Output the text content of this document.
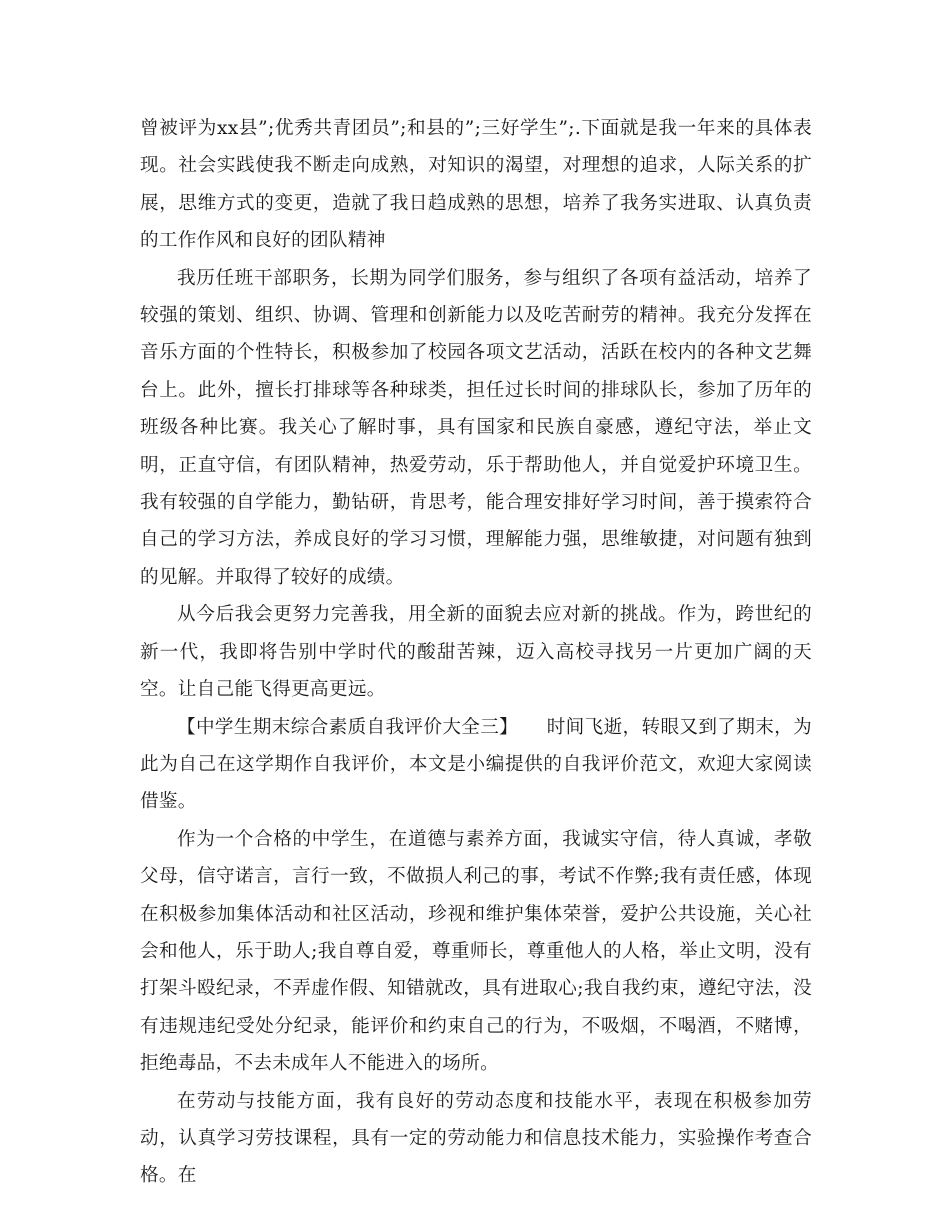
曾被评为xx县”;优秀共青团员”;和县的”;三好学生”;.下面就是我一年来的具体表现。社会实践使我不断走向成熟，对知识的渴望，对理想的追求，人际关系的扩展，思维方式的变更，造就了我日趋成熟的思想，培养了我务实进取、认真负责的工作作风和良好的团队精神

我历任班干部职务，长期为同学们服务，参与组织了各项有益活动，培养了较强的策划、组织、协调、管理和创新能力以及吃苦耐劳的精神。我充分发挥在音乐方面的个性特长，积极参加了校园各项文艺活动，活跃在校内的各种文艺舞台上。此外，擅长打排球等各种球类，担任过长时间的排球队长，参加了历年的班级各种比赛。我关心了解时事，具有国家和民族自豪感，遵纪守法，举止文明，正直守信，有团队精神，热爱劳动，乐于帮助他人，并自觉爱护环境卫生。我有较强的自学能力，勤钻研，肯思考，能合理安排好学习时间，善于摸索符合自己的学习方法，养成良好的学习习惯，理解能力强，思维敏捷，对问题有独到的见解。并取得了较好的成绩。

从今后我会更努力完善我，用全新的面貌去应对新的挑战。作为，跨世纪的新一代，我即将告别中学时代的酸甜苦辣，迈入高校寻找另一片更加广阔的天空。让自己能飞得更高更远。

【中学生期末综合素质自我评价大全三】　　时间飞逝，转眼又到了期末，为此为自己在这学期作自我评价，本文是小编提供的自我评价范文，欢迎大家阅读借鉴。

作为一个合格的中学生，在道德与素养方面，我诚实守信，待人真诚，孝敬父母，信守诺言，言行一致，不做损人利己的事，考试不作弊;我有责任感，体现在积极参加集体活动和社区活动，珍视和维护集体荣誉，爱护公共设施，关心社会和他人，乐于助人;我自尊自爱，尊重师长，尊重他人的人格，举止文明，没有打架斗殴纪录，不弄虚作假、知错就改，具有进取心;我自我约束，遵纪守法，没有违规违纪受处分纪录，能评价和约束自己的行为，不吸烟，不喝酒，不赌博，拒绝毒品，不去未成年人不能进入的场所。

在劳动与技能方面，我有良好的劳动态度和技能水平，表现在积极参加劳动，认真学习劳技课程，具有一定的劳动能力和信息技术能力，实验操作考查合格。在
